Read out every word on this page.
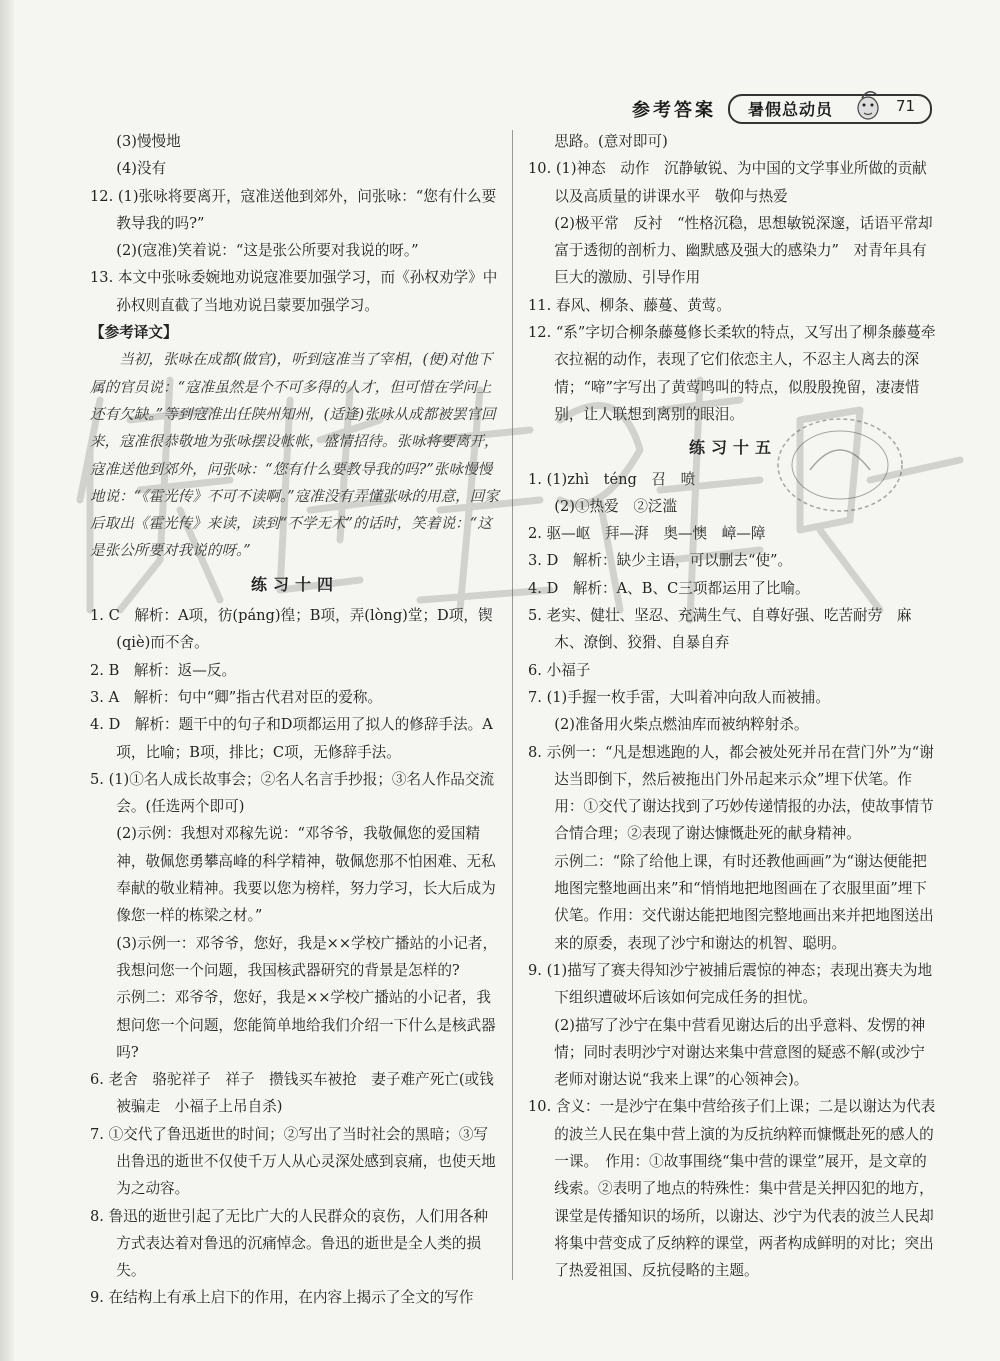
参考答案 暑假总动员	71

(3)慢慢地

(4)没有

12. (1)张咏将要离开，寇准送他到郊外，问张咏：“您有什么要教导我的吗?”

(2)(寇准)笑着说：“这是张公所要对我说的呀。”

13. 本文中张咏委婉地劝说寇准要加强学习，而《孙权劝学》中孙权则直截了当地劝说吕蒙要加强学习。

【参考译文】

当初，张咏在成都(做官)，听到寇准当了宰相，(便)对他下属的官员说：“寇准虽然是个不可多得的人才，但可惜在学问上还有欠缺。”等到寇准出任陕州知州，(适逢)张咏从成都被罢官回来，寇准很恭敬地为张咏摆设帐帐，盛情招待。张咏将要离开，寇准送他到郊外，问张咏：“您有什么要教导我的吗?”张咏慢慢地说：“《霍光传》不可不读啊。”寇准没有弄懂张咏的用意，回家后取出《霍光传》来读，读到“不学无术”的话时，笑着说：“这是张公所要对我说的呀。”

练习十四

1. C　解析：A项，彷(páng)徨；B项，弄(lòng)堂；D项，锲(qiè)而不舍。

2. B　解析：返—反。

3. A　解析：句中“卿”指古代君对臣的爱称。

4. D　解析：题干中的句子和D项都运用了拟人的修辞手法。A项，比喻；B项，排比；C项，无修辞手法。

5. (1)①名人成长故事会；②名人名言手抄报；③名人作品交流会。(任选两个即可)

(2)示例：我想对邓稼先说：“邓爷爷，我敬佩您的爱国精神，敬佩您勇攀高峰的科学精神，敬佩您那不怕困难、无私奉献的敬业精神。我要以您为榜样，努力学习，长大后成为像您一样的栋梁之材。”

(3)示例一：邓爷爷，您好，我是××学校广播站的小记者，我想问您一个问题，我国核武器研究的背景是怎样的?

示例二：邓爷爷，您好，我是××学校广播站的小记者，我想问您一个问题，您能简单地给我们介绍一下什么是核武器吗?

6. 老舍　骆驼祥子　祥子　攒钱买车被抢　妻子难产死亡(或钱被骗走　小福子上吊自杀)

7. ①交代了鲁迅逝世的时间；②写出了当时社会的黑暗；③写出鲁迅的逝世不仅使千万人从心灵深处感到哀痛，也使天地为之动容。

8. 鲁迅的逝世引起了无比广大的人民群众的哀伤，人们用各种方式表达着对鲁迅的沉痛悼念。鲁迅的逝世是全人类的损失。

9. 在结构上有承上启下的作用，在内容上揭示了全文的写作

思路。(意对即可)

10. (1)神态　动作　沉静敏锐、为中国的文学事业所做的贡献以及高质量的讲课水平　敬仰与热爱

(2)极平常　反衬　“性格沉稳，思想敏锐深邃，话语平常却富于透彻的剖析力、幽默感及强大的感染力”　对青年具有巨大的激励、引导作用

11. 春风、柳条、藤蔓、黄莺。

12. “系”字切合柳条藤蔓修长柔软的特点，又写出了柳条藤蔓牵衣拉裾的动作，表现了它们依恋主人，不忍主人离去的深情；“啼”字写出了黄莺鸣叫的特点，似殷殷挽留，凄凄惜别，让人联想到离别的眼泪。

练习十五

1. (1)zhì　téng　召　喷

(2)①热爱　②泛滥

2. 驱—岖　拜—湃　奥—懊　嶂—障

3. D　解析：缺少主语，可以删去“使”。

4. D　解析：A、B、C三项都运用了比喻。

5. 老实、健壮、坚忍、充满生气、自尊好强、吃苦耐劳　麻木、潦倒、狡猾、自暴自弃

6. 小福子

7. (1)手握一枚手雷，大叫着冲向敌人而被捕。

(2)准备用火柴点燃油库而被纳粹射杀。

8. 示例一：“凡是想逃跑的人，都会被处死并吊在营门外”为“谢达当即倒下，然后被拖出门外吊起来示众”埋下伏笔。作用：①交代了谢达找到了巧妙传递情报的办法，使故事情节合情合理；②表现了谢达慷慨赴死的献身精神。

示例二：“除了给他上课，有时还教他画画”为“谢达便能把地图完整地画出来”和“悄悄地把地图画在了衣服里面”埋下伏笔。作用：交代谢达能把地图完整地画出来并把地图送出来的原委，表现了沙宁和谢达的机智、聪明。

9. (1)描写了赛夫得知沙宁被捕后震惊的神态；表现出赛夫为地下组织遭破坏后该如何完成任务的担忧。

(2)描写了沙宁在集中营看见谢达后的出乎意料、发愣的神情；同时表明沙宁对谢达来集中营意图的疑惑不解(或沙宁老师对谢达说“我来上课”的心领神会)。

10. 含义：一是沙宁在集中营给孩子们上课；二是以谢达为代表的波兰人民在集中营上演的为反抗纳粹而慷慨赴死的感人的一课。　作用：①故事围绕“集中营的课堂”展开，是文章的线索。②表明了地点的特殊性：集中营是关押囚犯的地方，课堂是传播知识的场所，以谢达、沙宁为代表的波兰人民却将集中营变成了反纳粹的课堂，两者构成鲜明的对比；突出了热爱祖国、反抗侵略的主题。
